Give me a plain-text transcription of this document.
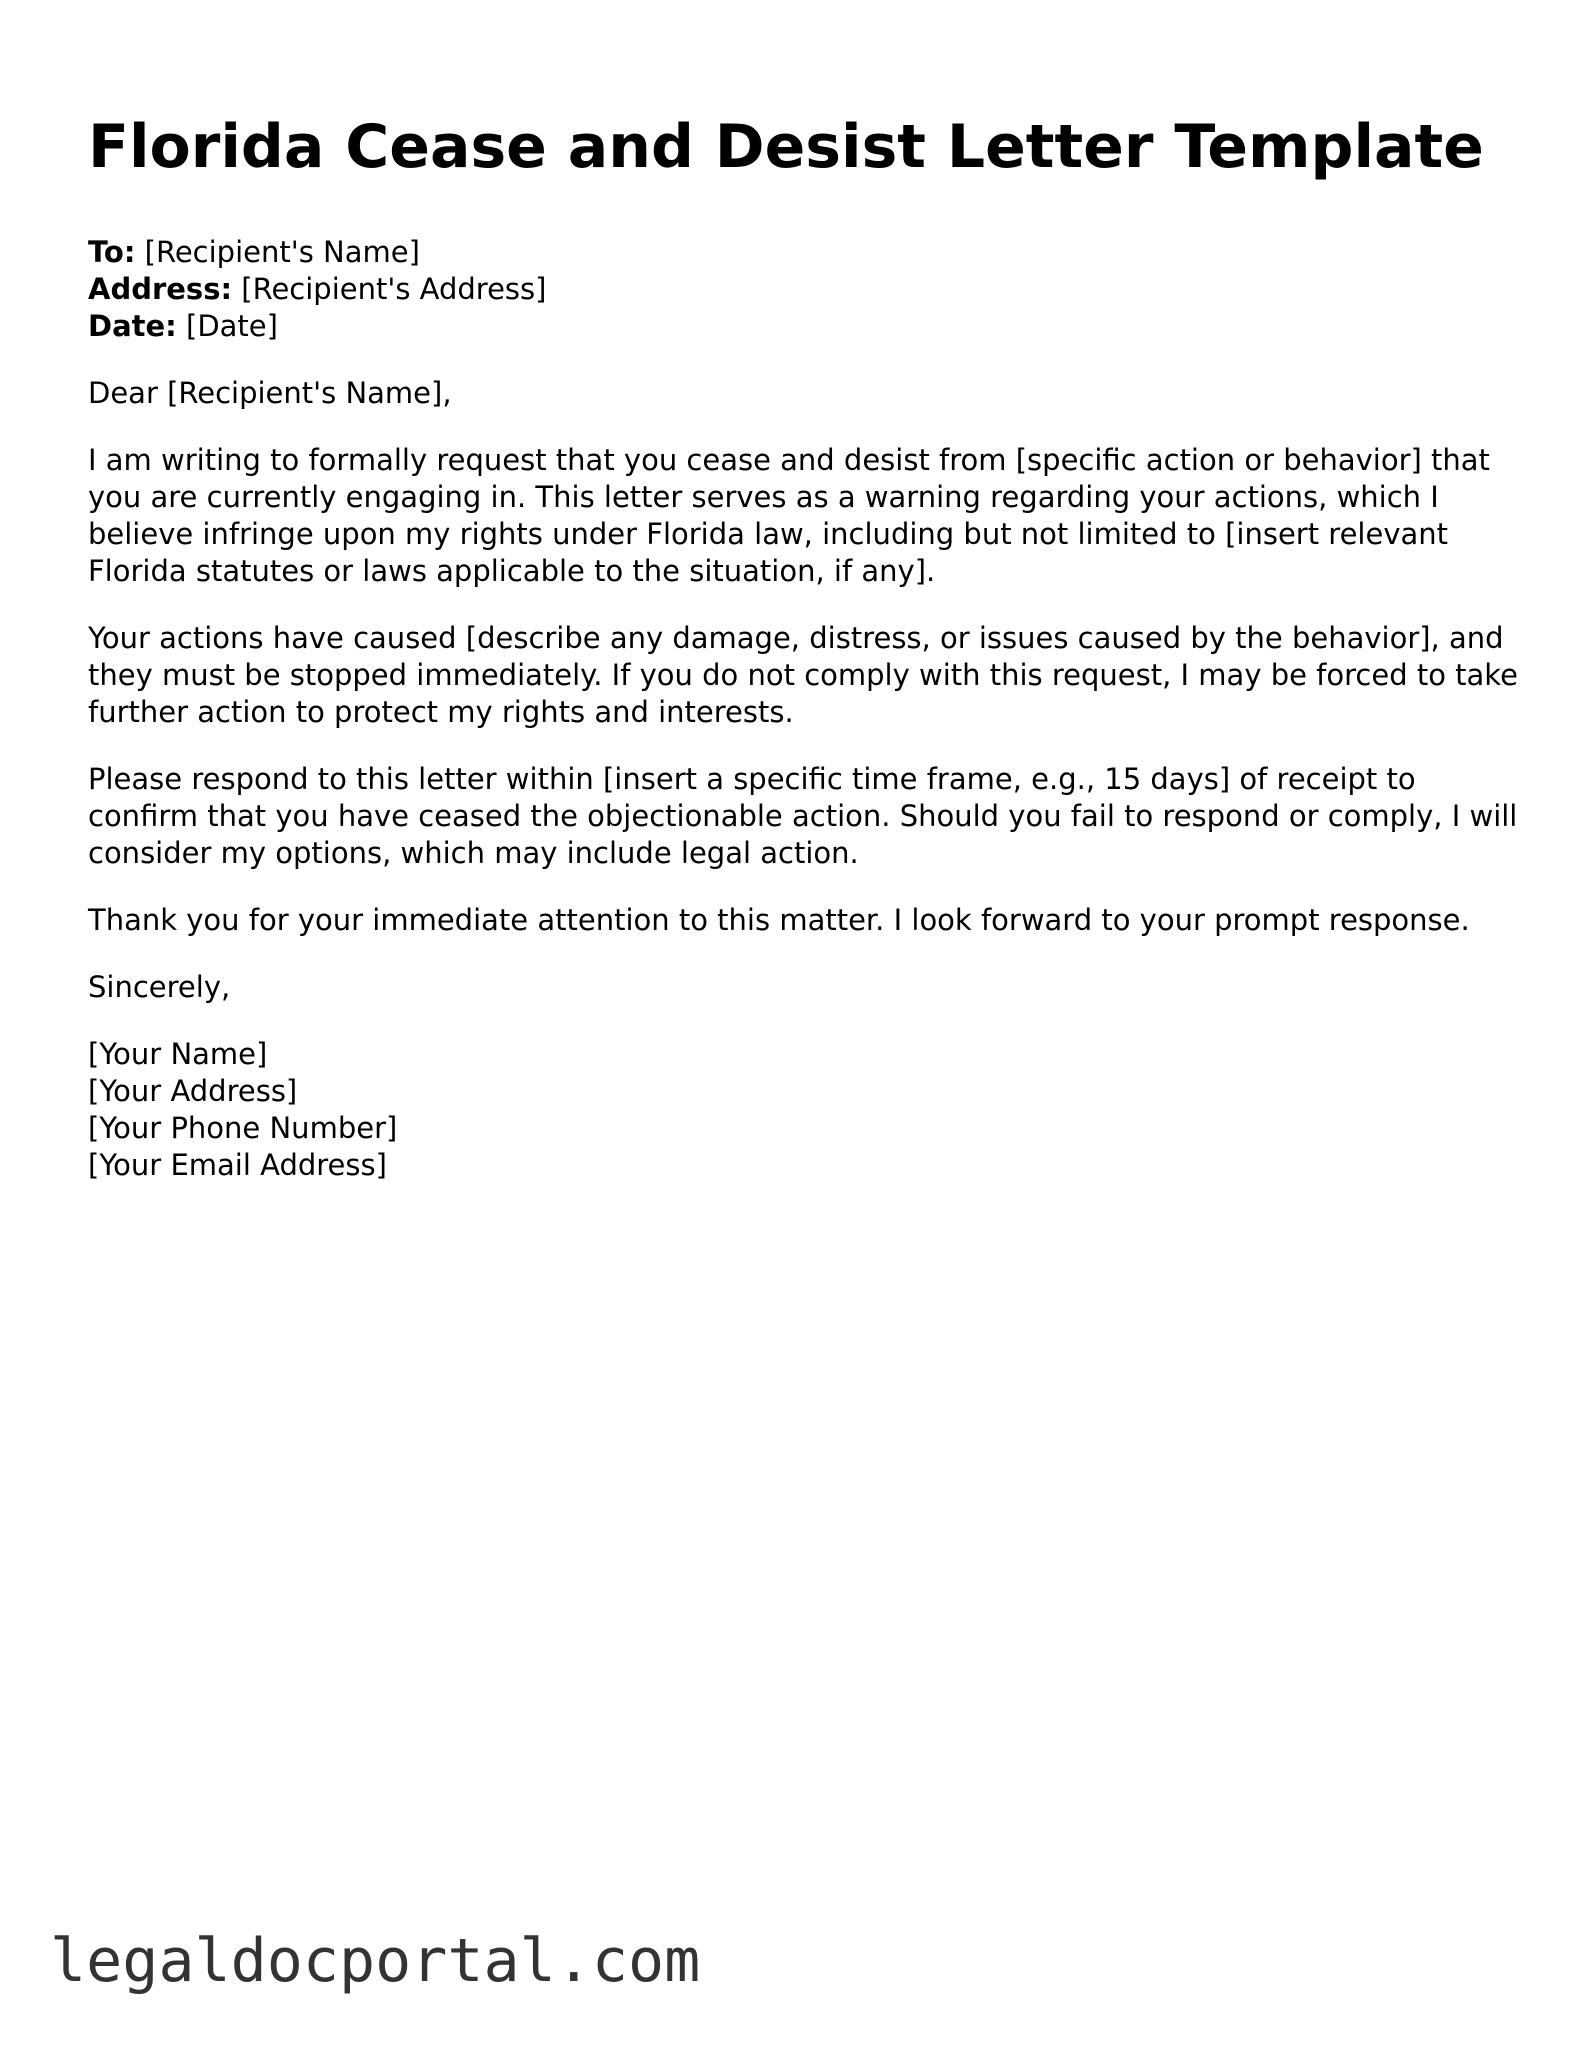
Florida Cease and Desist Letter Template
To: [Recipient's Name]
Address: [Recipient's Address]
Date: [Date]

Dear [Recipient's Name],

I am writing to formally request that you cease and desist from [specific action or behavior] that you are currently engaging in. This letter serves as a warning regarding your actions, which I believe infringe upon my rights under Florida law, including but not limited to [insert relevant Florida statutes or laws applicable to the situation, if any].

Your actions have caused [describe any damage, distress, or issues caused by the behavior], and they must be stopped immediately. If you do not comply with this request, I may be forced to take further action to protect my rights and interests.

Please respond to this letter within [insert a specific time frame, e.g., 15 days] of receipt to confirm that you have ceased the objectionable action. Should you fail to respond or comply, I will consider my options, which may include legal action.

Thank you for your immediate attention to this matter. I look forward to your prompt response.

Sincerely,

[Your Name]
[Your Address]
[Your Phone Number]
[Your Email Address]
legaldocportal.com
